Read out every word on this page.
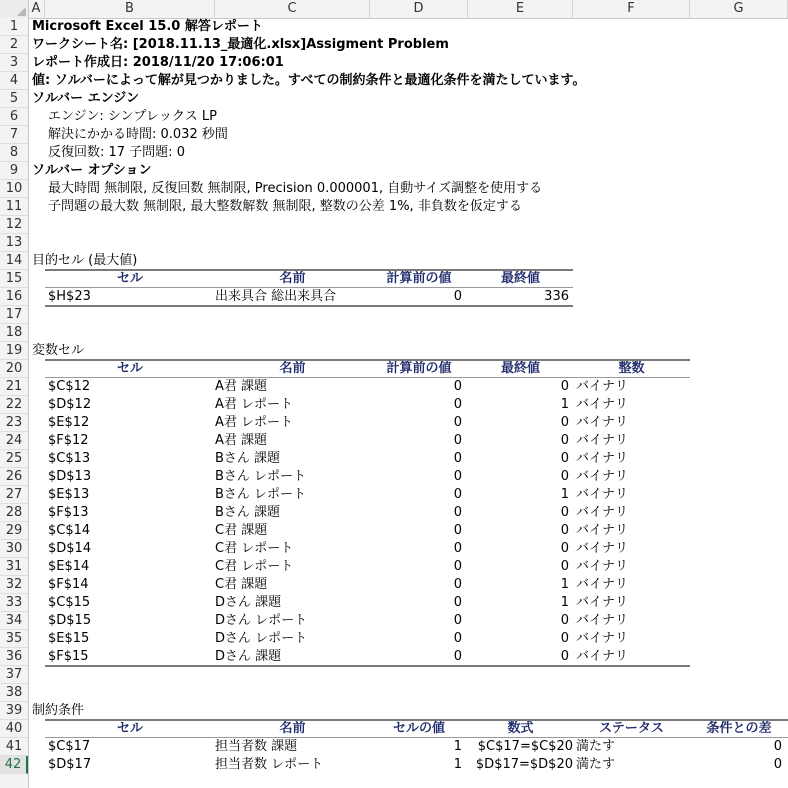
A	B	C	D	E	F	G
1
2
3
4
5
6
7
8
9
10
11
12
13
14
15
16
17
18
19
20
21
22
23
24
25
26
27
28
29
30
31
32
33
34
35
36
37
38
39
40
41
42
Microsoft Excel 15.0 解答レポート
ワークシート名: [2018.11.13_最適化.xlsx]Assigment Problem
レポート作成日: 2018/11/20 17:06:01
値: ソルバーによって解が見つかりました。すべての制約条件と最適化条件を満たしています。
ソルバー エンジン
エンジン: シンプレックス LP
解決にかかる時間: 0.032 秒間
反復回数: 17 子問題: 0
ソルバー オプション
最大時間 無制限, 反復回数 無制限, Precision 0.000001, 自動サイズ調整を使用する
子問題の最大数 無制限, 最大整数解数 無制限, 整数の公差 1%, 非負数を仮定する
目的セル (最大値)
セル	名前	計算前の値	最終値
$H$23	出来具合 総出来具合	0	336
変数セル
セル	名前	計算前の値	最終値	整数
$C$12	A君 課題	0	0 バイナリ
$D$12	A君 レポート	0	1 バイナリ
$E$12	A君 レポート	0	0 バイナリ
$F$12	A君 課題	0	0 バイナリ
$C$13	Bさん 課題	0	0 バイナリ
$D$13	Bさん レポート	0	0 バイナリ
$E$13	Bさん レポート	0	1 バイナリ
$F$13	Bさん 課題	0	0 バイナリ
$C$14	C君 課題	0	0 バイナリ
$D$14	C君 レポート	0	0 バイナリ
$E$14	C君 レポート	0	0 バイナリ
$F$14	C君 課題	0	1 バイナリ
$C$15	Dさん 課題	0	1 バイナリ
$D$15	Dさん レポート	0	0 バイナリ
$E$15	Dさん レポート	0	0 バイナリ
$F$15	Dさん 課題	0	0 バイナリ
制約条件
セル	名前	セルの値	数式	ステータス	条件との差
$C$17	担当者数 課題	1	$C$17=$C$20 満たす	0
$D$17	担当者数 レポート	1	$D$17=$D$20 満たす	0
